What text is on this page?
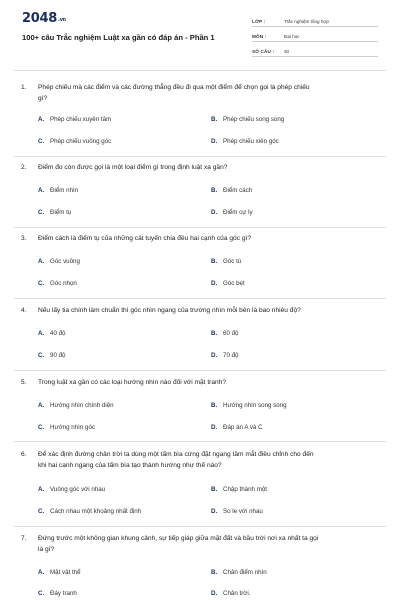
2048.vn
100+ câu Trắc nghiệm Luật xa gần có đáp án - Phần 1
LỚP :	Trắc nghiệm tổng hợp
MÔN :	Đại học
SỐ CÂU :	30
1. Phép chiếu mà các điểm và các đường thẳng đều đi qua một điểm để chọn gọi là phép chiếu
gì?
A. Phép chiếu xuyên tâm	B. Phép chiếu song song
C. Phép chiếu vuông góc	D. Phép chiếu xiên góc
2. Điểm đo còn được gọi là một loại điểm gì trong định luật xa gần?
A. Điểm nhìn	B. Điểm cách
C. Điểm tụ	D. Điểm cự ly
3. Điểm cách là điểm tụ của những cát tuyến chia đều hai cạnh của góc gì?
A. Góc vuông	B. Góc tù
C. Góc nhọn	D. Góc bẹt
4. Nếu lấy tia chính làm chuẩn thì góc nhìn ngang của trường nhìn mỗi bên là bao nhiêu độ?
A. 40 độ	B. 60 độ
C. 90 độ	D. 70 độ
5. Trong luật xa gần có các loại hướng nhìn nào đối với mặt tranh?
A. Hướng nhìn chính diện	B. Hướng nhìn song song
C. Hướng nhìn góc	D. Đáp án A và C
6. Để xác định đường chân trời ta dùng một tấm bìa cứng đặt ngang tầm mắt điều chỉnh cho đến
khi hai cạnh ngang của tấm bìa tạo thành hướng như thế nào?
A. Vuông góc với nhau	B. Chập thành một
C. Cách nhau một khoảng nhất định	D. So le với nhau
7. Đứng trước một không gian khung cảnh, sự tiếp giáp giữa mặt đất và bầu trời nơi xa nhất ta gọi
là gì?
A. Mặt vật thể	B. Chân điểm nhìn
C. Đáy tranh	D. Chân trời.
